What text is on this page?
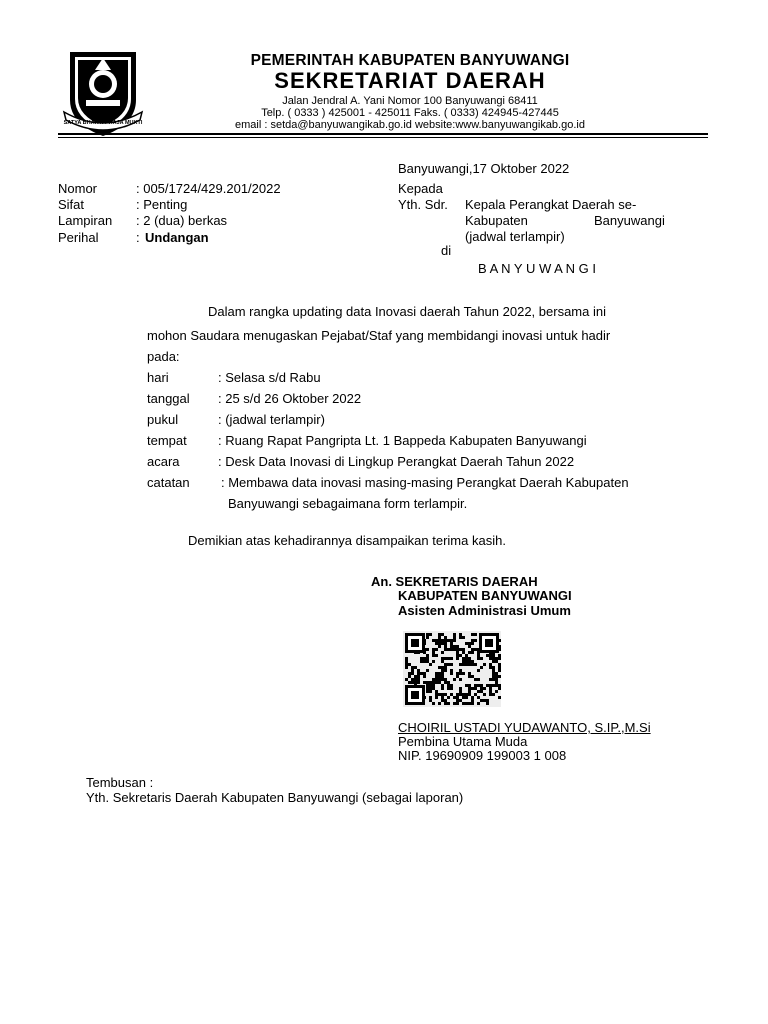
SATYA BHAKTI PRAJA MUKTI
PEMERINTAH KABUPATEN BANYUWANGI
SEKRETARIAT DAERAH
Jalan Jendral A. Yani Nomor 100 Banyuwangi 68411
Telp. ( 0333 ) 425001 - 425011 Faks. ( 0333) 424945-427445
email : setda@banyuwangikab.go.id website:www.banyuwangikab.go.id
Banyuwangi,17 Oktober 2022
Nomor	: 005/1724/429.201/2022
Sifat	: Penting
Lampiran : 2 (dua) berkas
Perihal	: Undangan
Kepada
Yth. Sdr. Kepala Perangkat Daerah se-
Kabupaten	Banyuwangi
(jadwal terlampir)
di
B A N Y U W A N G I
Dalam rangka updating data Inovasi daerah Tahun 2022, bersama ini
mohon Saudara menugaskan Pejabat/Staf yang membidangi inovasi untuk hadir
pada:
hari	: Selasa s/d Rabu
tanggal : 25 s/d 26 Oktober 2022
pukul	: (jadwal terlampir)
tempat : Ruang Rapat Pangripta Lt. 1 Bappeda Kabupaten Banyuwangi
acara	: Desk Data Inovasi di Lingkup Perangkat Daerah Tahun 2022
catatan : Membawa data inovasi masing-masing Perangkat Daerah Kabupaten
Banyuwangi sebagaimana form terlampir.
Demikian atas kehadirannya disampaikan terima kasih.
An. SEKRETARIS DAERAH
KABUPATEN BANYUWANGI
Asisten Administrasi Umum
CHOIRIL USTADI YUDAWANTO, S.IP.,M.Si
Pembina Utama Muda
NIP. 19690909 199003 1 008
Tembusan :
Yth. Sekretaris Daerah Kabupaten Banyuwangi (sebagai laporan)
